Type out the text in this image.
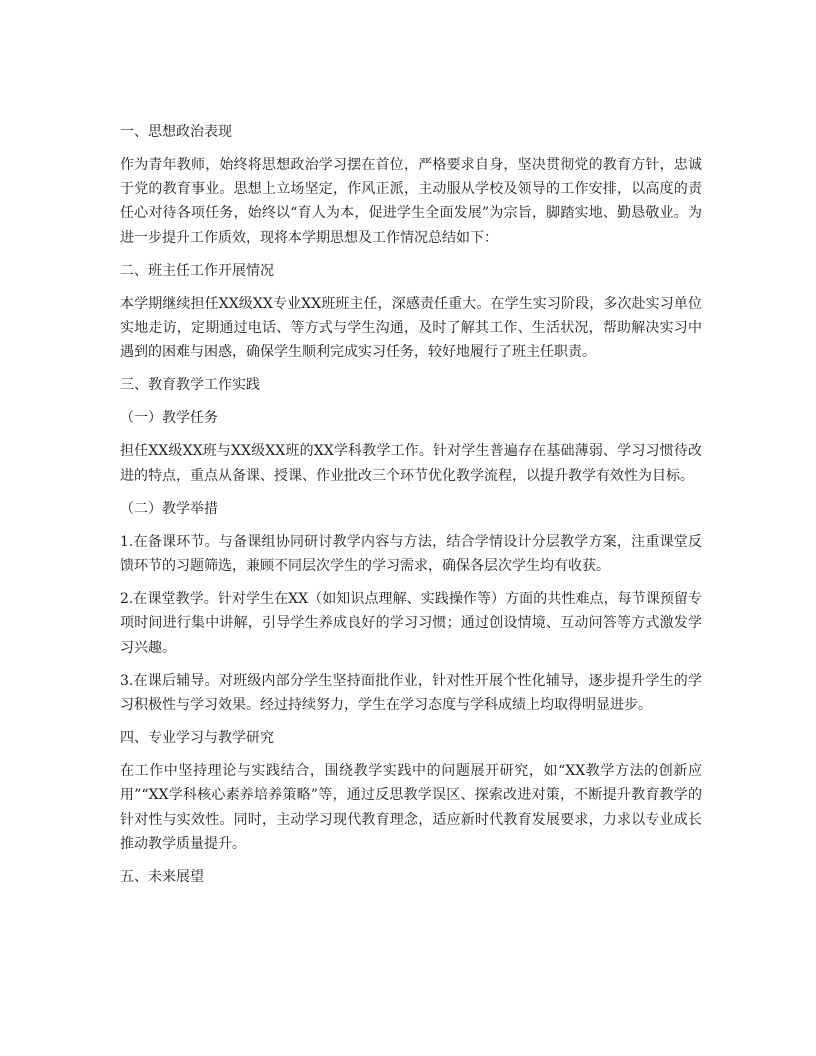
一、思想政治表现
作为青年教师，始终将思想政治学习摆在首位，严格要求自身，坚决贯彻党的教育方针，忠诚于党的教育事业。思想上立场坚定，作风正派，主动服从学校及领导的工作安排，以高度的责任心对待各项任务，始终以“育人为本，促进学生全面发展”为宗旨，脚踏实地、勤恳敬业。为进一步提升工作质效，现将本学期思想及工作情况总结如下：
二、班主任工作开展情况
本学期继续担任XX级XX专业XX班班主任，深感责任重大。在学生实习阶段，多次赴实习单位实地走访，定期通过电话、等方式与学生沟通，及时了解其工作、生活状况，帮助解决实习中遇到的困难与困惑，确保学生顺利完成实习任务，较好地履行了班主任职责。
三、教育教学工作实践
（一）教学任务
担任XX级XX班与XX级XX班的XX学科教学工作。针对学生普遍存在基础薄弱、学习习惯待改进的特点，重点从备课、授课、作业批改三个环节优化教学流程，以提升教学有效性为目标。
（二）教学举措
1.在备课环节。与备课组协同研讨教学内容与方法，结合学情设计分层教学方案，注重课堂反馈环节的习题筛选，兼顾不同层次学生的学习需求，确保各层次学生均有收获。
2.在课堂教学。针对学生在XX（如知识点理解、实践操作等）方面的共性难点，每节课预留专项时间进行集中讲解，引导学生养成良好的学习习惯；通过创设情境、互动问答等方式激发学习兴趣。
3.在课后辅导。对班级内部分学生坚持面批作业，针对性开展个性化辅导，逐步提升学生的学习积极性与学习效果。经过持续努力，学生在学习态度与学科成绩上均取得明显进步。
四、专业学习与教学研究
在工作中坚持理论与实践结合，围绕教学实践中的问题展开研究，如“XX教学方法的创新应用”“XX学科核心素养培养策略”等，通过反思教学误区、探索改进对策，不断提升教育教学的针对性与实效性。同时，主动学习现代教育理念，适应新时代教育发展要求，力求以专业成长推动教学质量提升。
五、未来展望
